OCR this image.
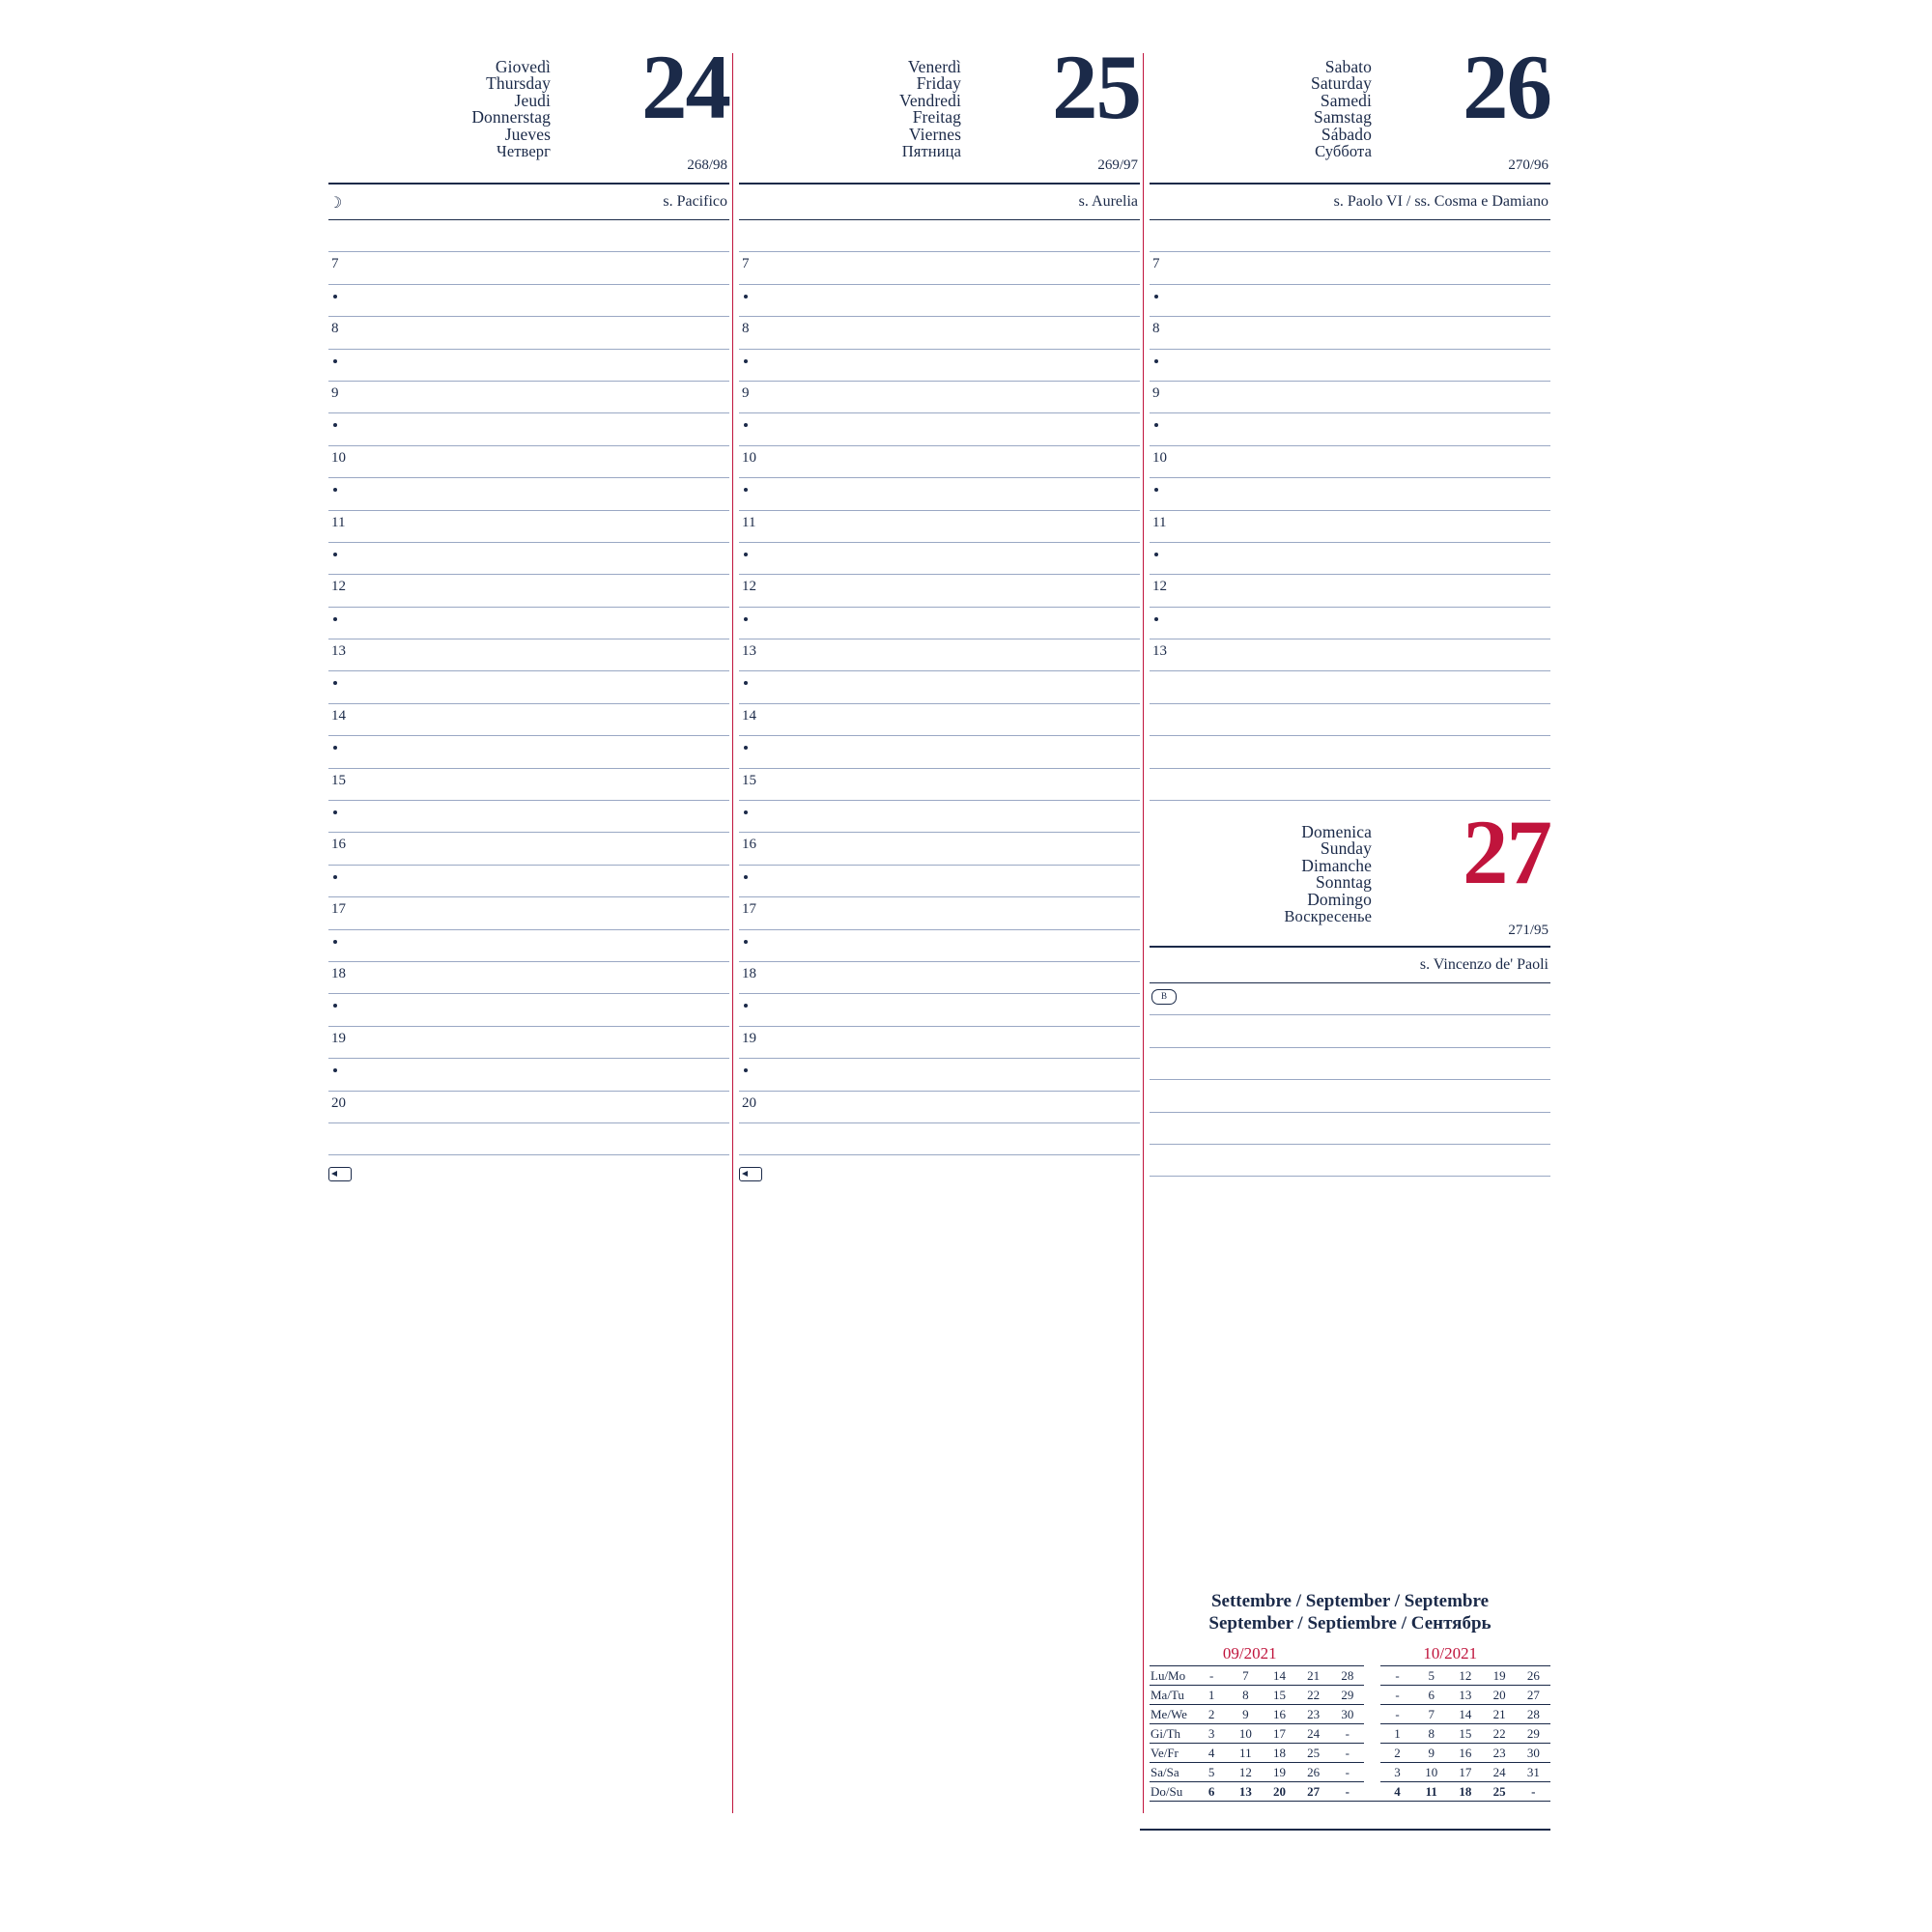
Giovedì
Thursday
Jeudi
Donnerstag
Jueves
Четверг
24
268/98
☽	s. Pacifico
7
8
9
10
11
12
13
14
15
16
17
18
19
20
Venerdì
Friday
Vendredi
Freitag
Viernes
Пятница
25
269/97
s. Aurelia
7
8
9
10
11
12
13
14
15
16
17
18
19
20
Sabato
Saturday
Samedi
Samstag
Sábado
Суббота
26
270/96
s. Paolo VI / ss. Cosma e Damiano
7
8
9
10
11
12
13
Domenica
Sunday
Dimanche
Sonntag
Domingo
Воскресенье
27
271/95
s. Vincenzo de' Paoli
B
Settembre / September / Septembre
September / Septiembre / Сентябрь
09/2021	10/2021
Lu/Mo	-	7	14	21	28		-	5	12	19	26
Ma/Tu	1	8	15	22	29		-	6	13	20	27
Me/We	2	9	16	23	30		-	7	14	21	28
Gi/Th	3	10	17	24	-		1	8	15	22	29
Ve/Fr	4	11	18	25	-		2	9	16	23	30
Sa/Sa	5	12	19	26	-		3	10	17	24	31
Do/Su	6	13	20	27	-		4	11	18	25	-
